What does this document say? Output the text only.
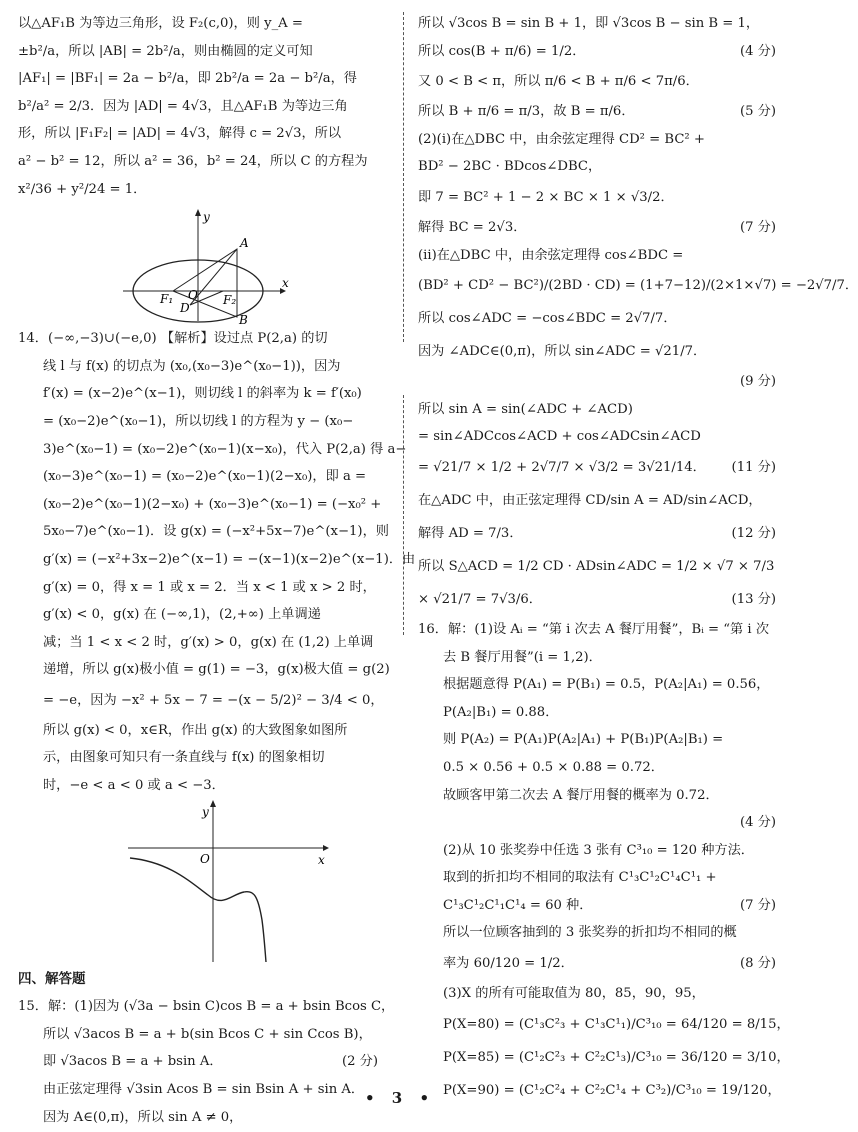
以△AF₁B 为等边三角形，设 F₂(c,0)，则 y_A =
±b²/a，所以 |AB| = 2b²/a，则由椭圆的定义可知
|AF₁| = |BF₁| = 2a − b²/a，即 2b²/a = 2a − b²/a，得
b²/a² = 2/3．因为 |AD| = 4√3，且△AF₁B 为等边三角
形，所以 |F₁F₂| = |AD| = 4√3，解得 c = 2√3，所以
a² − b² = 12，所以 a² = 36，b² = 24，所以 C 的方程为
x²/36 + y²/24 = 1．
y
x
A
B
D
O
F₁	F₂
14．(−∞,−3)∪(−e,0) 【解析】设过点 P(2,a) 的切
线 l 与 f(x) 的切点为 (x₀,(x₀−3)e^(x₀−1))，因为
f′(x) = (x−2)e^(x−1)，则切线 l 的斜率为 k = f′(x₀)
= (x₀−2)e^(x₀−1)，所以切线 l 的方程为 y − (x₀−
3)e^(x₀−1) = (x₀−2)e^(x₀−1)(x−x₀)，代入 P(2,a) 得 a−
(x₀−3)e^(x₀−1) = (x₀−2)e^(x₀−1)(2−x₀)，即 a =
(x₀−2)e^(x₀−1)(2−x₀) + (x₀−3)e^(x₀−1) = (−x₀² +
5x₀−7)e^(x₀−1)．设 g(x) = (−x²+5x−7)e^(x−1)，则
g′(x) = (−x²+3x−2)e^(x−1) = −(x−1)(x−2)e^(x−1)．由
g′(x) = 0，得 x = 1 或 x = 2．当 x < 1 或 x > 2 时，
g′(x) < 0，g(x) 在 (−∞,1)，(2,+∞) 上单调递
减；当 1 < x < 2 时，g′(x) > 0，g(x) 在 (1,2) 上单调
递增，所以 g(x)极小值 = g(1) = −3，g(x)极大值 = g(2)
= −e，因为 −x² + 5x − 7 = −(x − 5/2)² − 3/4 < 0，
所以 g(x) < 0，x∈R，作出 g(x) 的大致图象如图所
示，由图象可知只有一条直线与 f(x) 的图象相切
时，−e < a < 0 或 a < −3．
y
x
O
四、解答题
15．解：(1)因为 (√3a − bsin C)cos B = a + bsin Bcos C，
所以 √3acos B = a + b(sin Bcos C + sin Ccos B)，
即 √3acos B = a + bsin A．	(2 分)
由正弦定理得 √3sin Acos B = sin Bsin A + sin A．
因为 A∈(0,π)，所以 sin A ≠ 0，
所以 √3cos B = sin B + 1，即 √3cos B − sin B = 1，
所以 cos(B + π/6) = 1/2．	(4 分)
又 0 < B < π，所以 π/6 < B + π/6 < 7π/6．
所以 B + π/6 = π/3，故 B = π/6．	(5 分)
(2)(ⅰ)在△DBC 中，由余弦定理得 CD² = BC² +
BD² − 2BC · BDcos∠DBC，
即 7 = BC² + 1 − 2 × BC × 1 × √3/2．
解得 BC = 2√3．	(7 分)
(ⅱ)在△DBC 中，由余弦定理得 cos∠BDC =
(BD² + CD² − BC²)/(2BD · CD) = (1+7−12)/(2×1×√7) = −2√7/7．
所以 cos∠ADC = −cos∠BDC = 2√7/7．
因为 ∠ADC∈(0,π)，所以 sin∠ADC = √21/7．
(9 分)
所以 sin A = sin(∠ADC + ∠ACD)
= sin∠ADCcos∠ACD + cos∠ADCsin∠ACD
= √21/7 × 1/2 + 2√7/7 × √3/2 = 3√21/14．	(11 分)
在△ADC 中，由正弦定理得 CD/sin A = AD/sin∠ACD，
解得 AD = 7/3．	(12 分)
所以 S△ACD = 1/2 CD · ADsin∠ADC = 1/2 × √7 × 7/3
× √21/7 = 7√3/6．	(13 分)
16．解：(1)设 Aᵢ = “第 i 次去 A 餐厅用餐”，Bᵢ = “第 i 次
去 B 餐厅用餐”(i = 1,2)．
根据题意得 P(A₁) = P(B₁) = 0.5，P(A₂|A₁) = 0.56，
P(A₂|B₁) = 0.88．
则 P(A₂) = P(A₁)P(A₂|A₁) + P(B₁)P(A₂|B₁) =
0.5 × 0.56 + 0.5 × 0.88 = 0.72．
故顾客甲第二次去 A 餐厅用餐的概率为 0.72．
(4 分)
(2)从 10 张奖券中任选 3 张有 C³₁₀ = 120 种方法．
取到的折扣均不相同的取法有 C¹₃C¹₂C¹₄C¹₁ +
C¹₃C¹₂C¹₁C¹₄ = 60 种．	(7 分)
所以一位顾客抽到的 3 张奖券的折扣均不相同的概
率为 60/120 = 1/2．	(8 分)
(3)X 的所有可能取值为 80，85，90，95，
P(X=80) = (C¹₃C²₃ + C¹₃C¹₁)/C³₁₀ = 64/120 = 8/15，
P(X=85) = (C¹₂C²₃ + C²₂C¹₃)/C³₁₀ = 36/120 = 3/10，
P(X=90) = (C¹₂C²₄ + C²₂C¹₄ + C³₂)/C³₁₀ = 19/120，
• 3 •
